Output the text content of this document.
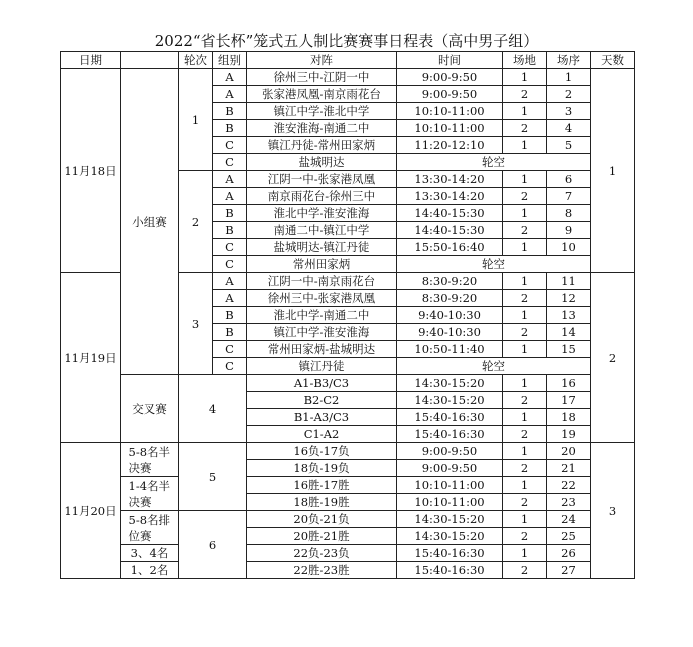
2022“省长杯”笼式五人制比赛赛事日程表（高中男子组）
日期		轮次	组别	对阵	时间	场地	场序	天数
11月18日	小组赛	1	A	徐州三中-江阴一中	9:00-9:50	1	1	1
			A	张家港凤凰-南京雨花台	9:00-9:50	2	2	
			B	镇江中学-淮北中学	10:10-11:00	1	3	
			B	淮安淮海-南通二中	10:10-11:00	2	4	
			C	镇江丹徒-常州田家炳	11:20-12:10	1	5	
			C	盐城明达	轮空			
		2	A	江阴一中-张家港凤凰	13:30-14:20	1	6	
			A	南京雨花台-徐州三中	13:30-14:20	2	7	
			B	淮北中学-淮安淮海	14:40-15:30	1	8	
			B	南通二中-镇江中学	14:40-15:30	2	9	
			C	盐城明达-镇江丹徒	15:50-16:40	1	10	
			C	常州田家炳	轮空			
11月19日		3	A	江阴一中-南京雨花台	8:30-9:20	1	11	2
			A	徐州三中-张家港凤凰	8:30-9:20	2	12	
			B	淮北中学-南通二中	9:40-10:30	1	13	
			B	镇江中学-淮安淮海	9:40-10:30	2	14	
			C	常州田家炳-盐城明达	10:50-11:40	1	15	
			C	镇江丹徒	轮空			
	交叉赛	4		A1-B3/C3	14:30-15:20	1	16	
				B2-C2	14:30-15:20	2	17	
				B1-A3/C3	15:40-16:30	1	18	
				C1-A2	15:40-16:30	2	19	
11月20日	5-8名半决赛	5		16负-17负	9:00-9:50	1	20	3
				18负-19负	9:00-9:50	2	21	
	1-4名半决赛			16胜-17胜	10:10-11:00	1	22	
				18胜-19胜	10:10-11:00	2	23	
	5-8名排位赛	6		20负-21负	14:30-15:20	1	24	
				20胜-21胜	14:30-15:20	2	25	
	3、4名			22负-23负	15:40-16:30	1	26	
	1、2名			22胜-23胜	15:40-16:30	2	27	
